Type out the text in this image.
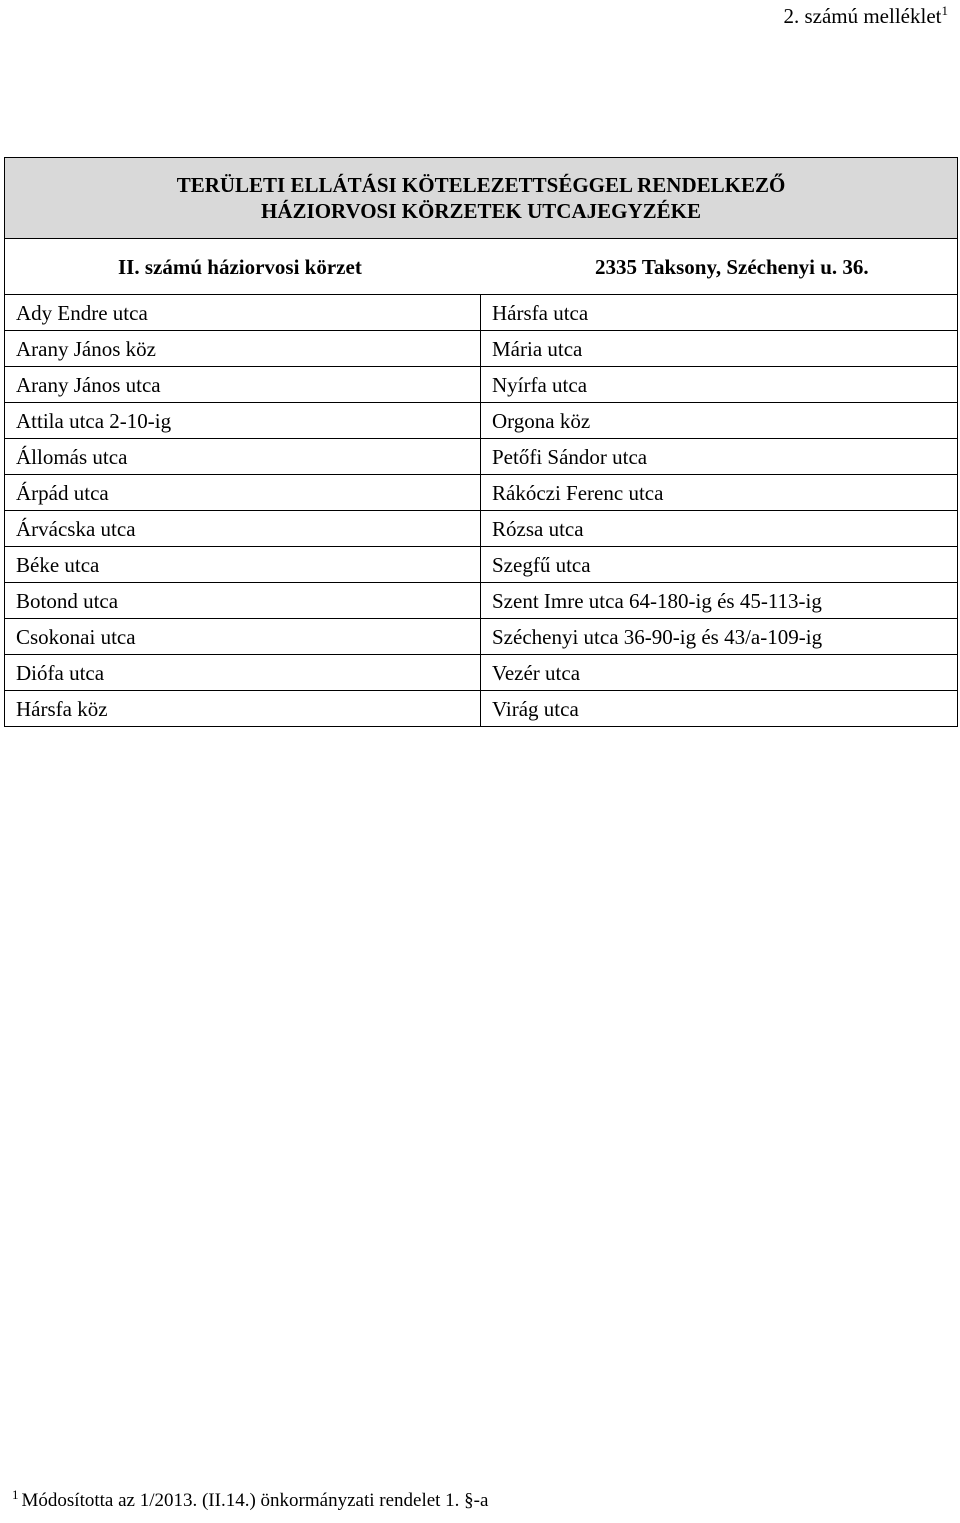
2. számú melléklet$^1$
TERÜLETI ELLÁTÁSI KÖTELEZETTSÉGGEL RENDELKEZŐ
HÁZIORVOSI KÖRZETEK UTCAJEGYZÉKE	

II. számú háziorvosi körzet 2335 Taksony, Széchenyi u. 36.	

Ady Endre utca	Hársfa utca
Arany János köz	Mária utca
Arany János utca	Nyírfa utca
Attila utca 2-10-ig	Orgona köz
Állomás utca	Petőfi Sándor utca
Árpád utca	Rákóczi Ferenc utca
Árvácska utca	Rózsa utca
Béke utca	Szegfű utca
Botond utca	Szent Imre utca 64-180-ig és 45-113-ig
Csokonai utca	Széchenyi utca 36-90-ig és 43/a-109-ig
Diófa utca	Vezér utca
Hársfa köz	Virág utca
$^1$ Módosította az 1/2013. (II.14.) önkormányzati rendelet 1. §-a
